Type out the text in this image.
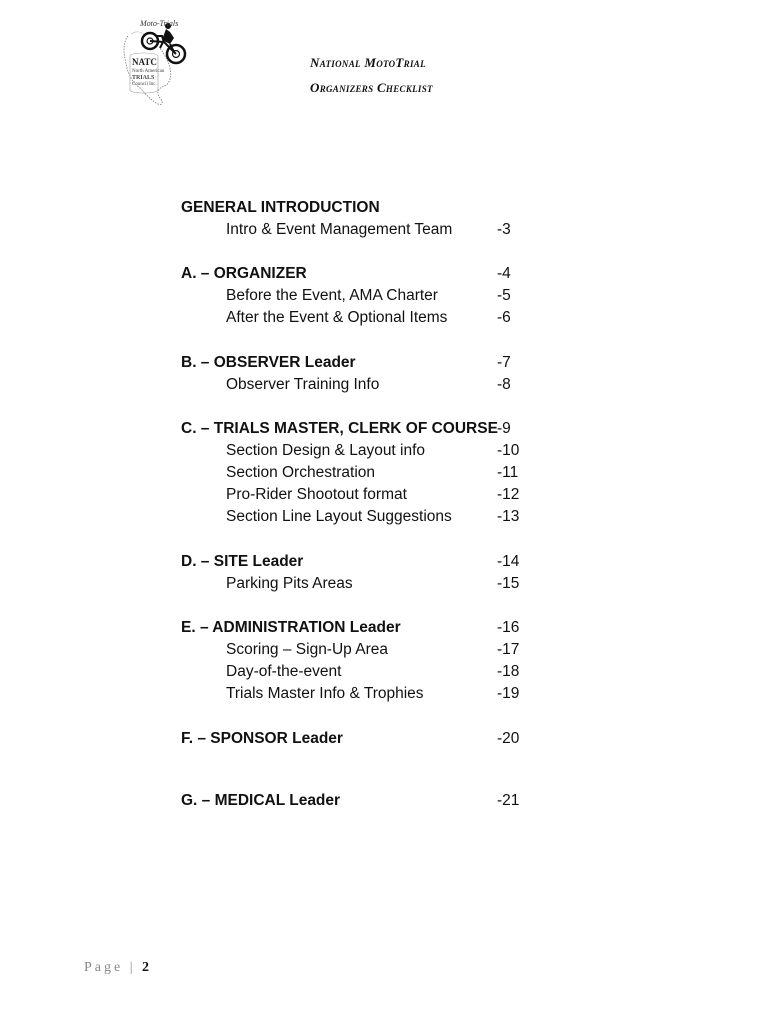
Moto-Trials
NATC
North American
TRIALS
Council Inc.
National MotoTrial
Organizers Checklist
GENERAL INTRODUCTION
Intro & Event Management Team	-3
A. – ORGANIZER	-4
Before the Event, AMA Charter	-5
After the Event & Optional Items	-6
B. – OBSERVER Leader	-7
Observer Training Info	-8
C. – TRIALS MASTER, CLERK OF COURSE -9
Section Design & Layout info	-10
Section Orchestration	-11
Pro-Rider Shootout format	-12
Section Line Layout Suggestions	-13
D. – SITE Leader	-14
Parking Pits Areas	-15
E. – ADMINISTRATION Leader	-16
Scoring – Sign-Up Area	-17
Day-of-the-event	-18
Trials Master Info & Trophies	-19
F. – SPONSOR Leader	-20
G. – MEDICAL Leader	-21
Page | 2
